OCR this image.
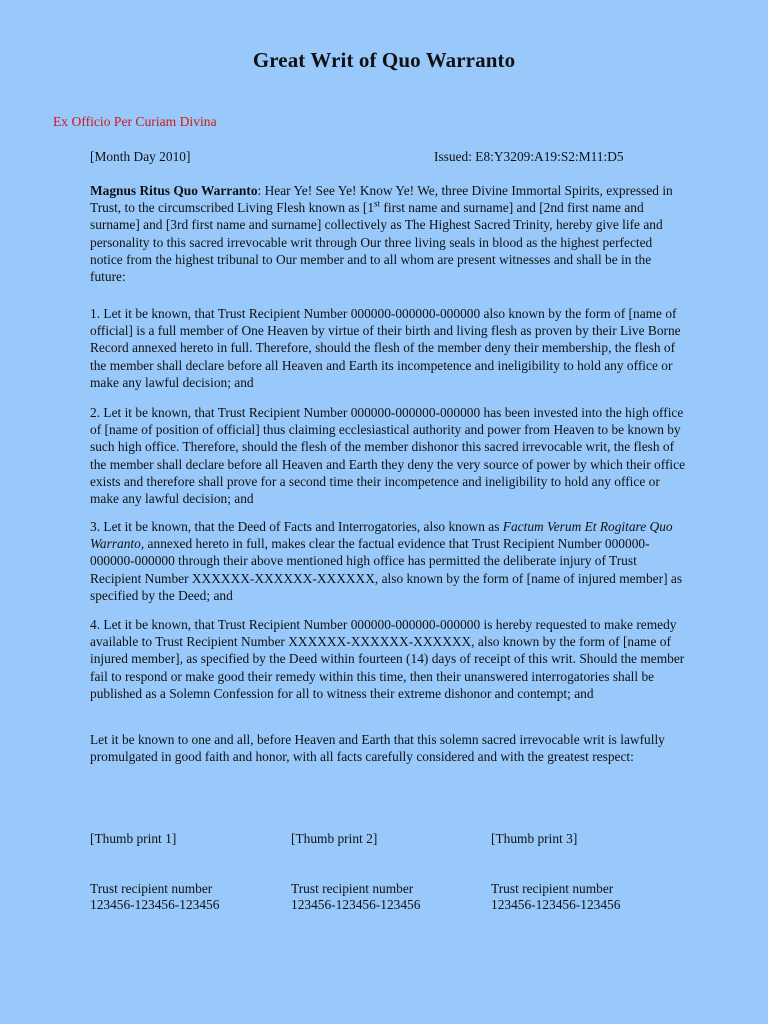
Great Writ of Quo Warranto
Ex Officio Per Curiam Divina
[Month Day 2010]	Issued: E8:Y3209:A19:S2:M11:D5

Magnus Ritus Quo Warranto: Hear Ye! See Ye! Know Ye! We, three Divine Immortal Spirits, expressed in Trust, to the circumscribed Living Flesh known as [1st first name and surname] and [2nd first name and surname] and [3rd first name and surname] collectively as The Highest Sacred Trinity, hereby give life and personality to this sacred irrevocable writ through Our three living seals in blood as the highest perfected notice from the highest tribunal to Our member and to all whom are present witnesses and shall be in the future:

1. Let it be known, that Trust Recipient Number 000000-000000-000000 also known by the form of [name of official] is a full member of One Heaven by virtue of their birth and living flesh as proven by their Live Borne Record annexed hereto in full. Therefore, should the flesh of the member deny their membership, the flesh of the member shall declare before all Heaven and Earth its incompetence and ineligibility to hold any office or make any lawful decision; and

2. Let it be known, that Trust Recipient Number 000000-000000-000000 has been invested into the high office of [name of position of official] thus claiming ecclesiastical authority and power from Heaven to be known by such high office. Therefore, should the flesh of the member dishonor this sacred irrevocable writ, the flesh of the member shall declare before all Heaven and Earth they deny the very source of power by which their office exists and therefore shall prove for a second time their incompetence and ineligibility to hold any office or make any lawful decision; and

3. Let it be known, that the Deed of Facts and Interrogatories, also known as Factum Verum Et Rogitare Quo Warranto, annexed hereto in full, makes clear the factual evidence that Trust Recipient Number 000000-000000-000000 through their above mentioned high office has permitted the deliberate injury of Trust Recipient Number XXXXXX-XXXXXX-XXXXXX, also known by the form of [name of injured member] as specified by the Deed; and

4. Let it be known, that Trust Recipient Number 000000-000000-000000 is hereby requested to make remedy available to Trust Recipient Number XXXXXX-XXXXXX-XXXXXX, also known by the form of [name of injured member], as specified by the Deed within fourteen (14) days of receipt of this writ. Should the member fail to respond or make good their remedy within this time, then their unanswered interrogatories shall be published as a Solemn Confession for all to witness their extreme dishonor and contempt; and

Let it be known to one and all, before Heaven and Earth that this solemn sacred irrevocable writ is lawfully promulgated in good faith and honor, with all facts carefully considered and with the greatest respect:

[Thumb print 1]	[Thumb print 2]	[Thumb print 3]
Trust recipient number	Trust recipient number	Trust recipient number
123456-123456-123456	123456-123456-123456	123456-123456-123456
